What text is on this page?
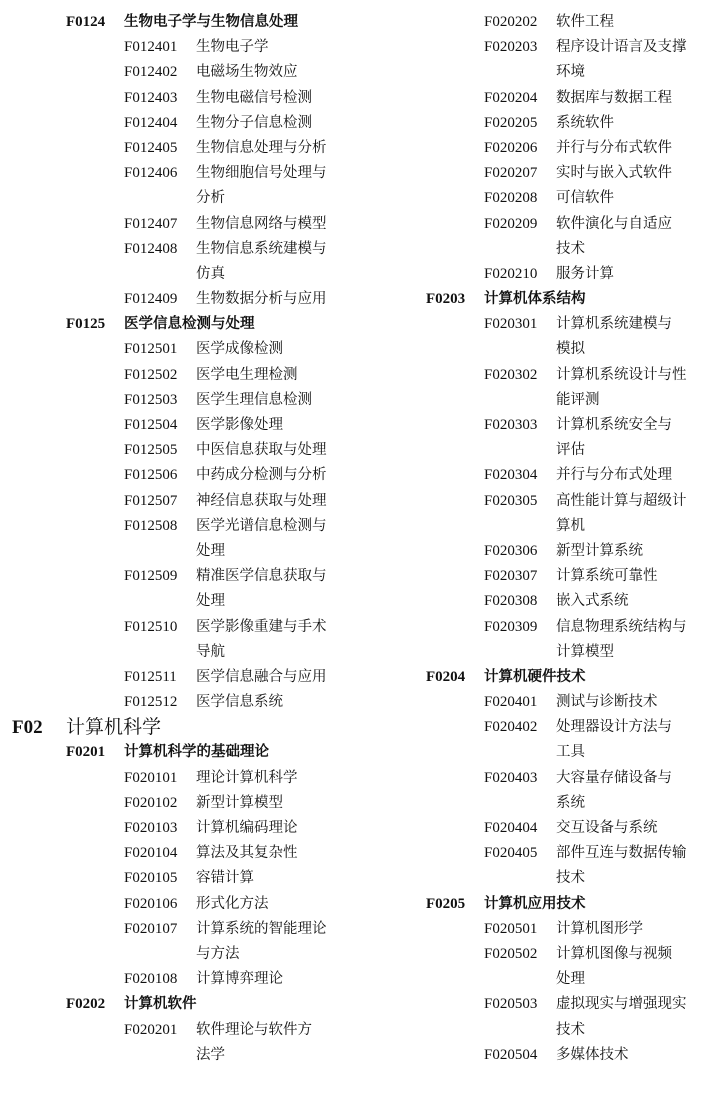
F0124 生物电子学与生物信息处理
F012401 生物电子学
F012402 电磁场生物效应
F012403 生物电磁信号检测
F012404 生物分子信息检测
F012405 生物信息处理与分析
F012406 生物细胞信号处理与
分析
F012407 生物信息网络与模型
F012408 生物信息系统建模与
仿真
F012409 生物数据分析与应用
F0125 医学信息检测与处理
F012501 医学成像检测
F012502 医学电生理检测
F012503 医学生理信息检测
F012504 医学影像处理
F012505 中医信息获取与处理
F012506 中药成分检测与分析
F012507 神经信息获取与处理
F012508 医学光谱信息检测与
处理
F012509 精准医学信息获取与
处理
F012510 医学影像重建与手术
导航
F012511 医学信息融合与应用
F012512 医学信息系统
F02 计算机科学
F0201 计算机科学的基础理论
F020101 理论计算机科学
F020102 新型计算模型
F020103 计算机编码理论
F020104 算法及其复杂性
F020105 容错计算
F020106 形式化方法
F020107 计算系统的智能理论
与方法
F020108 计算博弈理论
F0202 计算机软件
F020201 软件理论与软件方
法学
F020202 软件工程
F020203 程序设计语言及支撑
环境
F020204 数据库与数据工程
F020205 系统软件
F020206 并行与分布式软件
F020207 实时与嵌入式软件
F020208 可信软件
F020209 软件演化与自适应
技术
F020210 服务计算
F0203 计算机体系结构
F020301 计算机系统建模与
模拟
F020302 计算机系统设计与性
能评测
F020303 计算机系统安全与
评估
F020304 并行与分布式处理
F020305 高性能计算与超级计
算机
F020306 新型计算系统
F020307 计算系统可靠性
F020308 嵌入式系统
F020309 信息物理系统结构与
计算模型
F0204 计算机硬件技术
F020401 测试与诊断技术
F020402 处理器设计方法与
工具
F020403 大容量存储设备与
系统
F020404 交互设备与系统
F020405 部件互连与数据传输
技术
F0205 计算机应用技术
F020501 计算机图形学
F020502 计算机图像与视频
处理
F020503 虚拟现实与增强现实
技术
F020504 多媒体技术
